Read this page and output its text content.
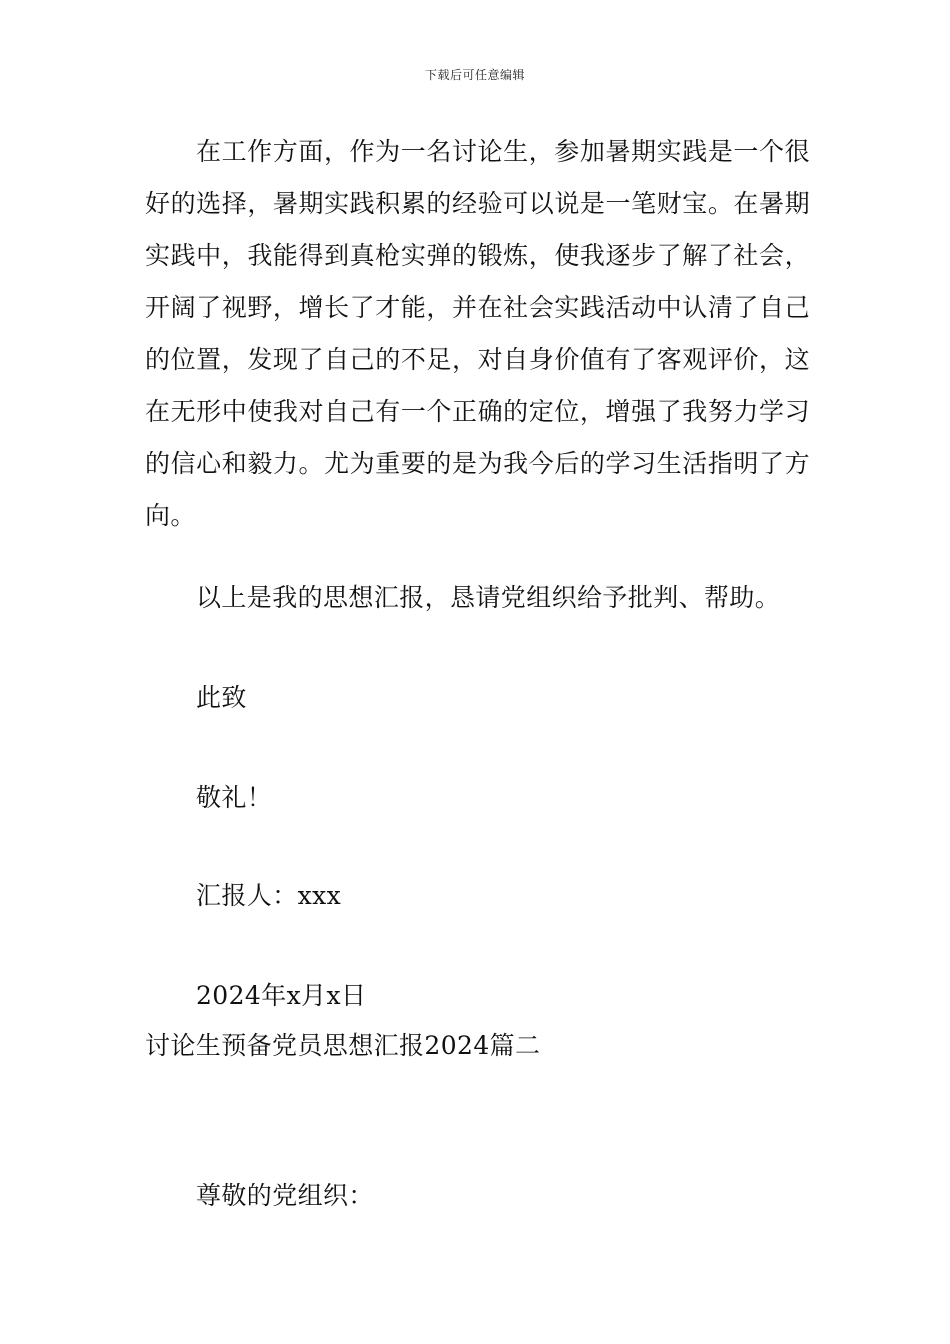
下载后可任意编辑

在工作方面，作为一名讨论生，参加暑期实践是一个很好的选择，暑期实践积累的经验可以说是一笔财宝。在暑期实践中，我能得到真枪实弹的锻炼，使我逐步了解了社会，开阔了视野，增长了才能，并在社会实践活动中认清了自己的位置，发现了自己的不足，对自身价值有了客观评价，这在无形中使我对自己有一个正确的定位，增强了我努力学习的信心和毅力。尤为重要的是为我今后的学习生活指明了方向。

以上是我的思想汇报，恳请党组织给予批判、帮助。

此致

敬礼！

汇报人：xxx

2024年x月x日

讨论生预备党员思想汇报2024篇二

尊敬的党组织：
